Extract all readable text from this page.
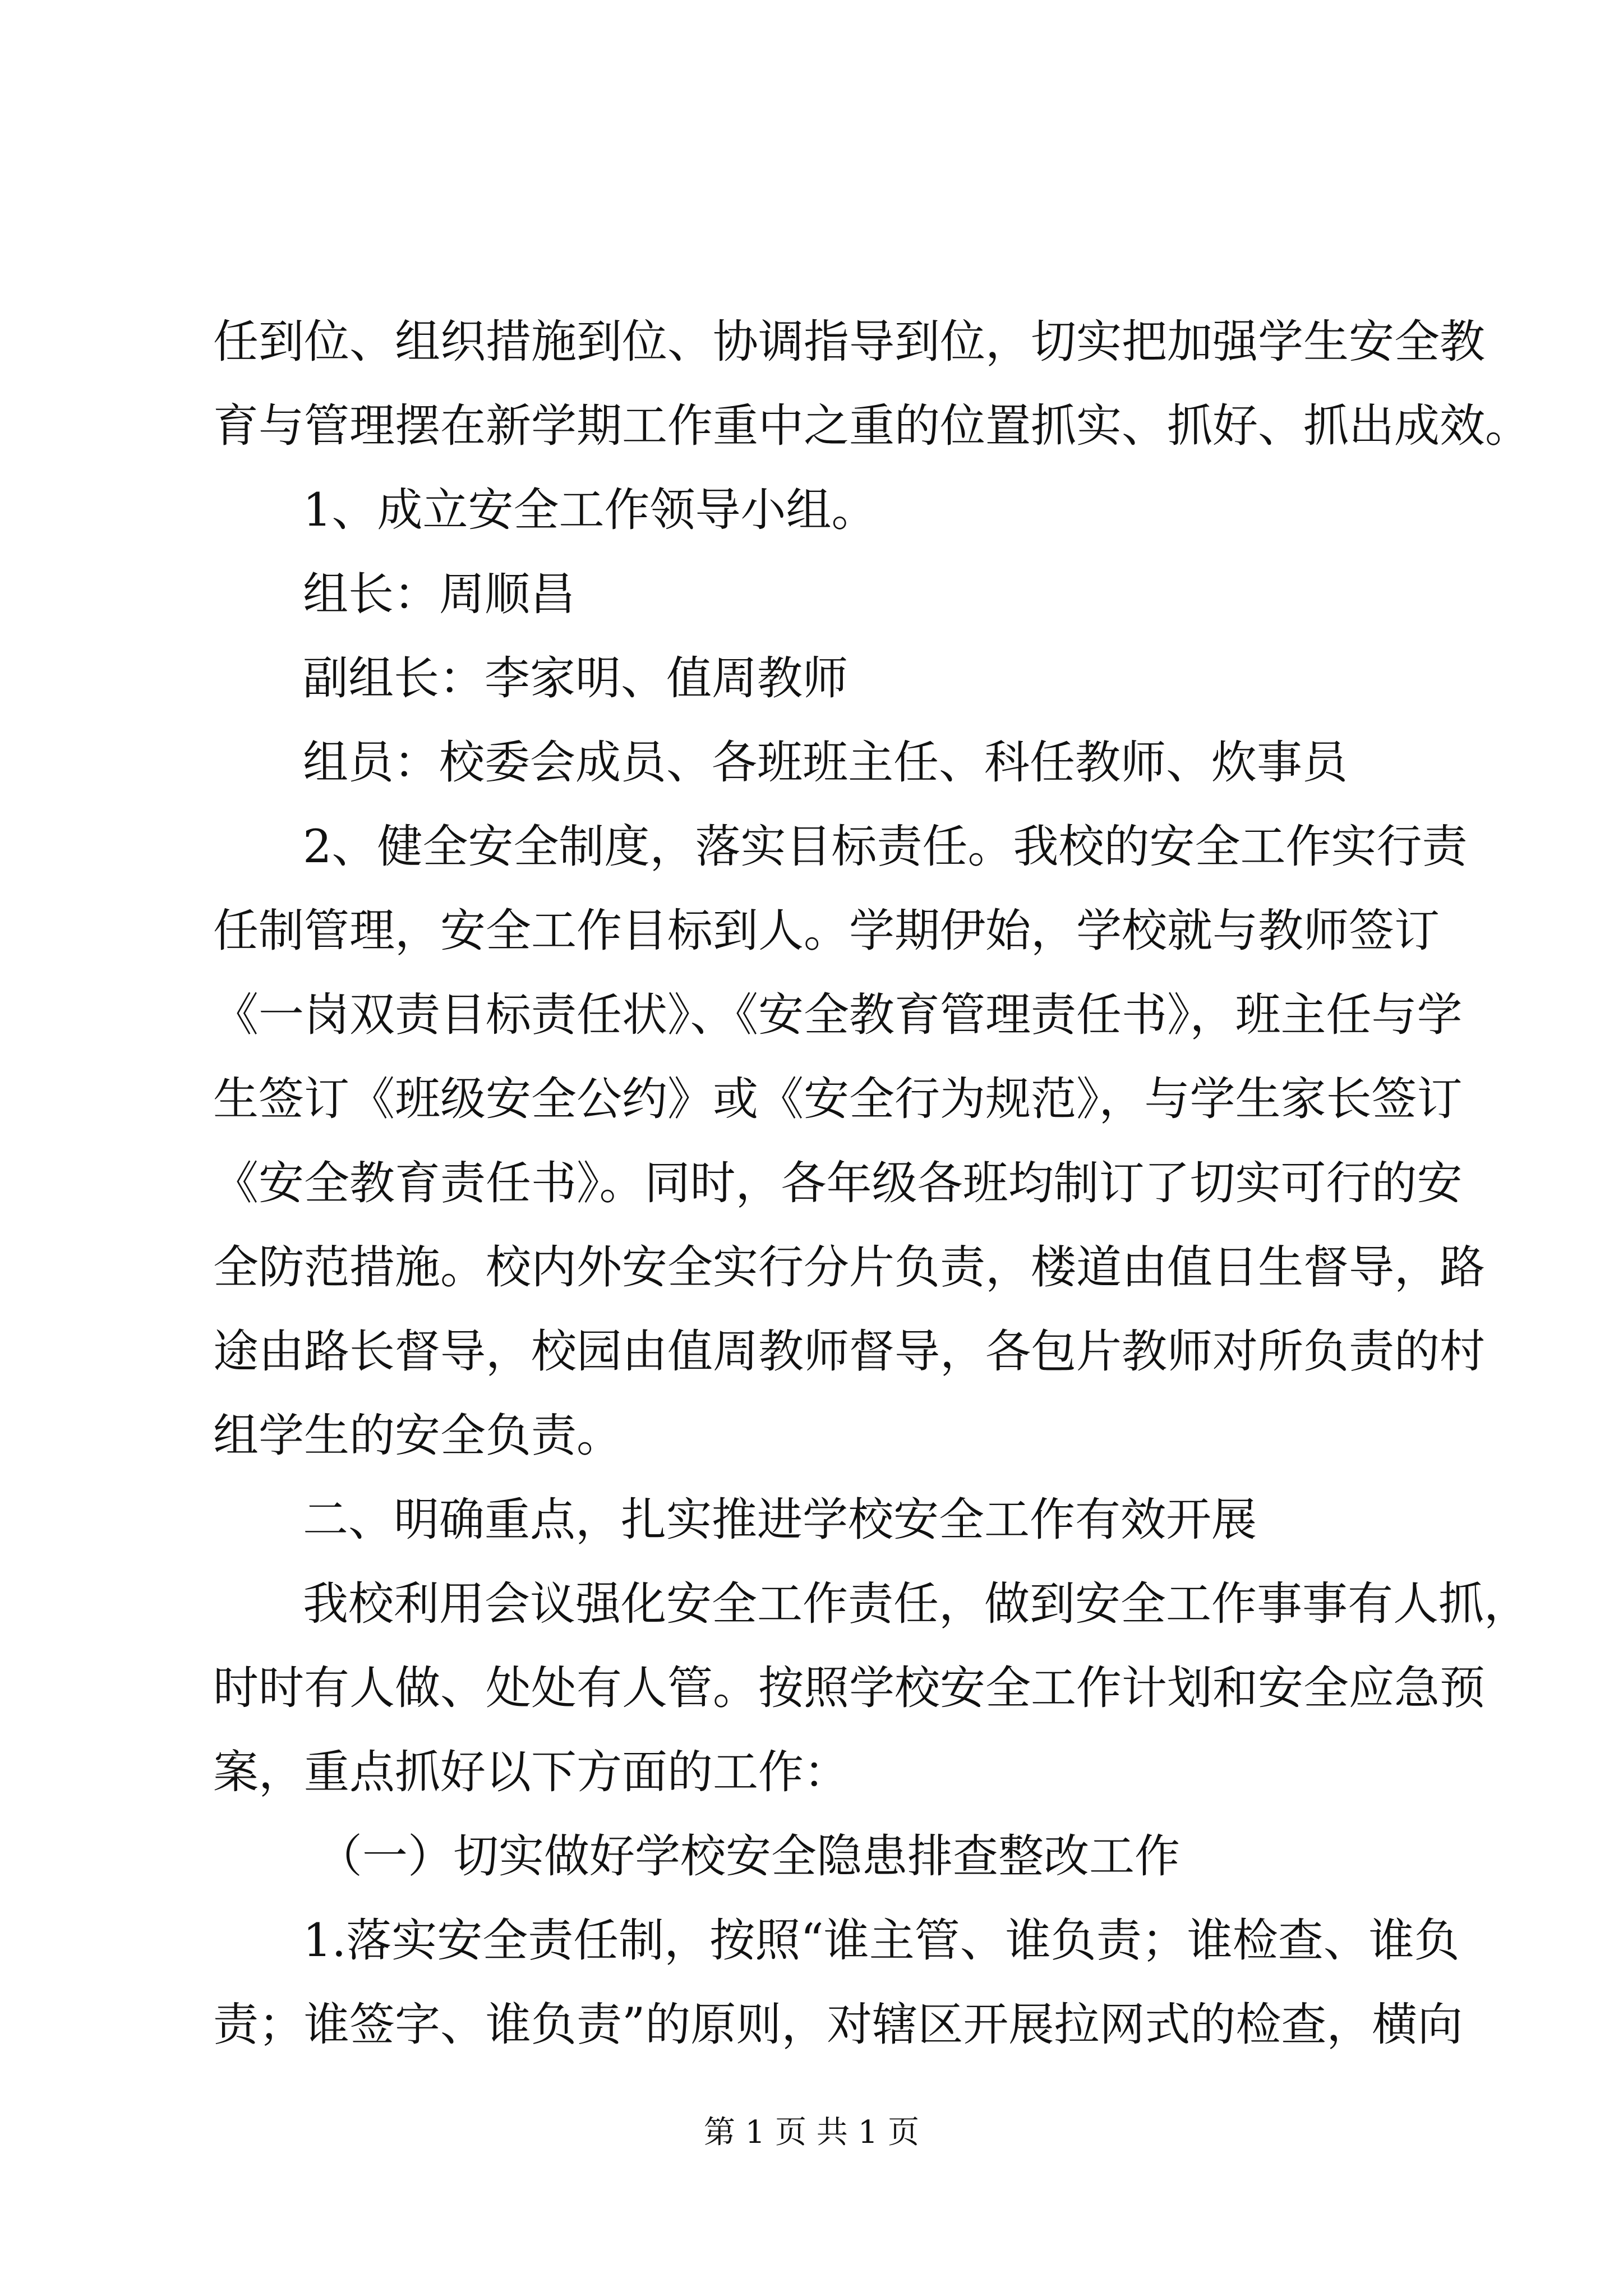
任到位、组织措施到位、协调指导到位，切实把加强学生安全教
育与管理摆在新学期工作重中之重的位置抓实、抓好、抓出成效。
1、成立安全工作领导小组。
组长：周顺昌
副组长：李家明、值周教师
组员：校委会成员、各班班主任、科任教师、炊事员
2、健全安全制度，落实目标责任。我校的安全工作实行责
任制管理，安全工作目标到人。学期伊始，学校就与教师签订
《一岗双责目标责任状》、《安全教育管理责任书》，班主任与学
生签订《班级安全公约》或《安全行为规范》，与学生家长签订
《安全教育责任书》。同时，各年级各班均制订了切实可行的安
全防范措施。校内外安全实行分片负责，楼道由值日生督导，路
途由路长督导，校园由值周教师督导，各包片教师对所负责的村
组学生的安全负责。
二、明确重点，扎实推进学校安全工作有效开展
我校利用会议强化安全工作责任，做到安全工作事事有人抓，
时时有人做、处处有人管。按照学校安全工作计划和安全应急预
案，重点抓好以下方面的工作：
（一）切实做好学校安全隐患排查整改工作
1.落实安全责任制，按照“谁主管、谁负责；谁检查、谁负
责；谁签字、谁负责”的原则，对辖区开展拉网式的检查，横向
第 1 页 共 1 页
